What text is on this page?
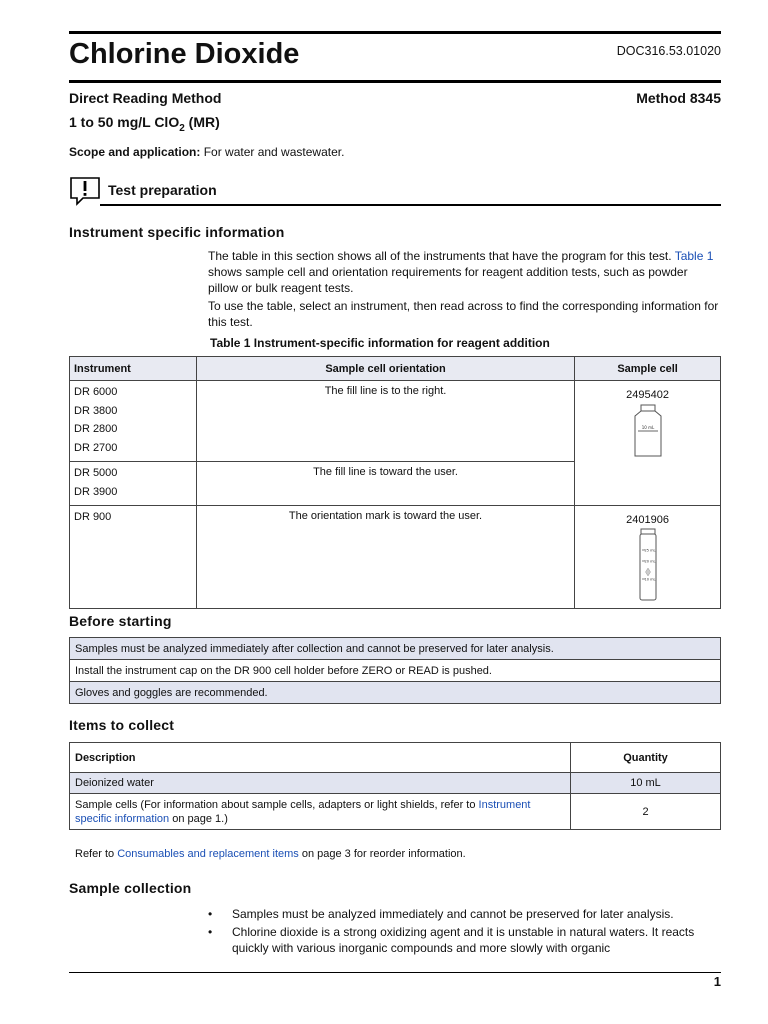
Chlorine Dioxide	DOC316.53.01020
Direct Reading Method	Method 8345
1 to 50 mg/L ClO$_2$ (MR)
Scope and application: For water and wastewater.
Test preparation
Instrument specific information

The table in this section shows all of the instruments that have the program for this test. Table 1 shows sample cell and orientation requirements for reagent addition tests, such as powder pillow or bulk reagent tests.

To use the table, select an instrument, then read across to find the corresponding information for this test.

Table 1 Instrument-specific information for reagent addition
Instrument	Sample cell orientation	Sample cell

DR 6000
DR 3800
DR 2800
DR 2700	The fill line is to the right.	2495402
10 mL

DR 5000
DR 3900	The fill line is toward the user.	

DR 900	The orientation mark is toward the user.	2401906
25 mL
20 mL
10 mL
Before starting
Samples must be analyzed immediately after collection and cannot be preserved for later analysis.
Install the instrument cap on the DR 900 cell holder before ZERO or READ is pushed.
Gloves and goggles are recommended.
Items to collect
Description	Quantity
Deionized water	10 mL
Sample cells (For information about sample cells, adapters or light shields, refer to Instrument specific information on page 1.)	2
Refer to Consumables and replacement items on page 3 for reorder information.
Sample collection
• Samples must be analyzed immediately and cannot be preserved for later analysis.
• Chlorine dioxide is a strong oxidizing agent and it is unstable in natural waters. It reacts quickly with various inorganic compounds and more slowly with organic
1
